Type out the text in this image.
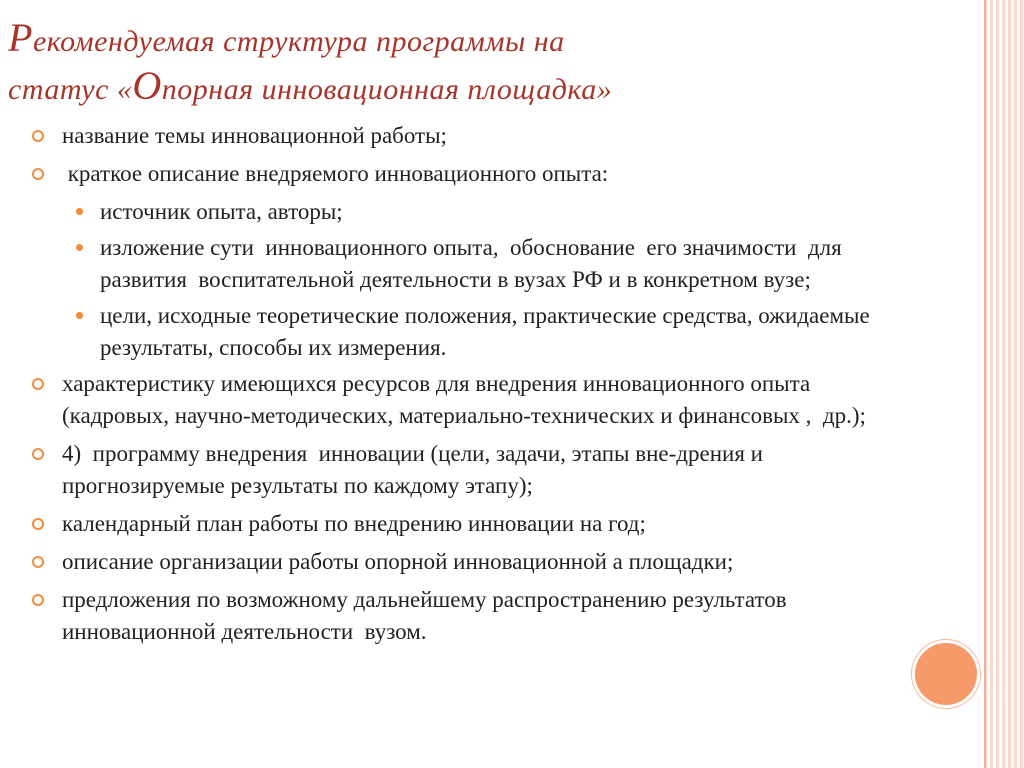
Рекомендуемая структура программы на
статус «Опорная инновационная площадка»
название темы инновационной работы;
краткое описание внедряемого инновационного опыта:
источник опыта, авторы;
изложение сути  инновационного опыта,  обоснование  его значимости  для  развития  воспитательной деятельности в вузах РФ и в конкретном вузе;
цели, исходные теоретические положения, практические средства, ожидаемые результаты, способы их измерения.
характеристику имеющихся ресурсов для внедрения инновационного опыта (кадровых, научно-методических, материально-технических и финансовых ,  др.);
4)  программу внедрения  инновации (цели, задачи, этапы вне-дрения и прогнозируемые результаты по каждому этапу);
календарный план работы по внедрению инновации на год;
описание организации работы опорной инновационной а площадки;
предложения по возможному дальнейшему распространению результатов инновационной деятельности  вузом.
